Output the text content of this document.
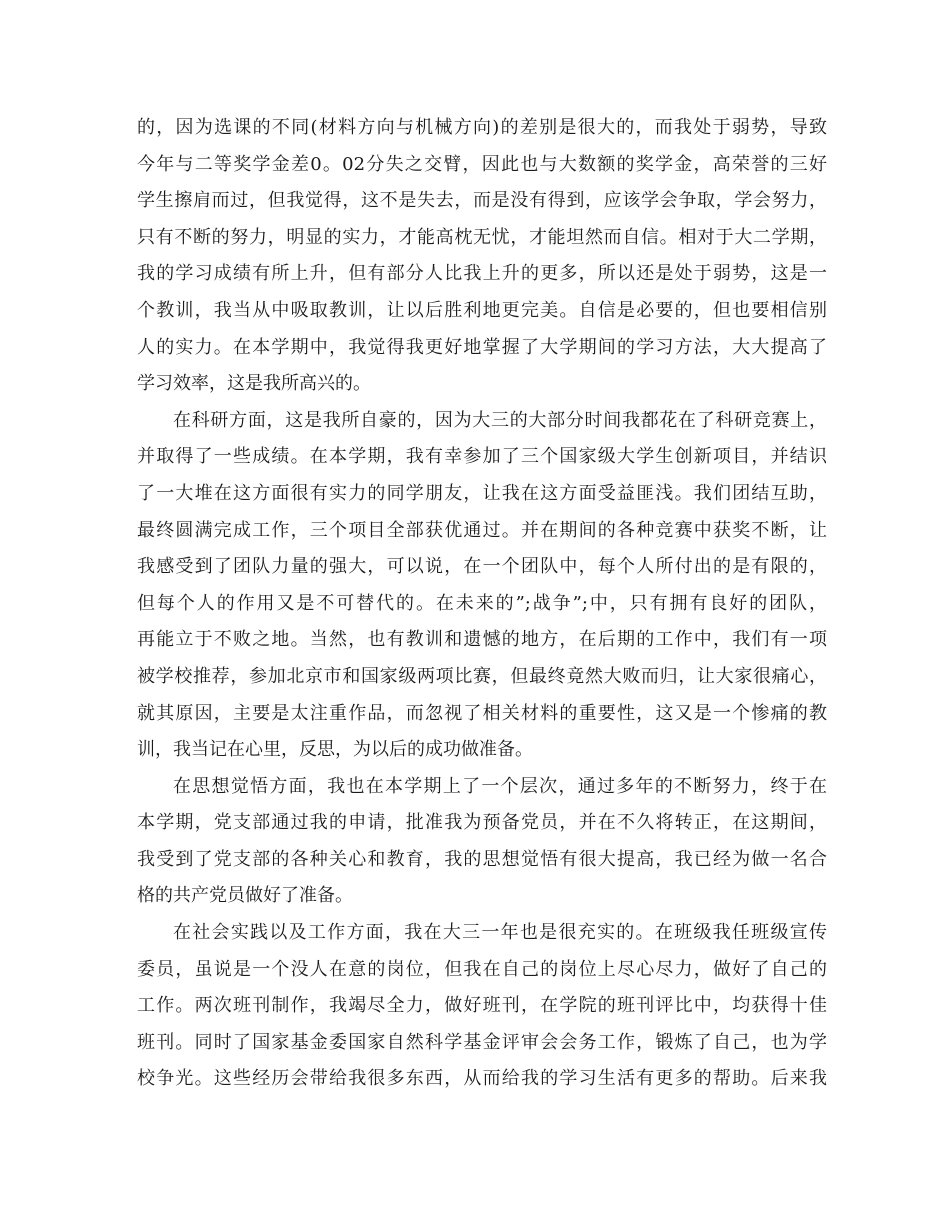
的，因为选课的不同(材料方向与机械方向)的差别是很大的，而我处于弱势，导致
今年与二等奖学金差0。02分失之交臂，因此也与大数额的奖学金，高荣誉的三好
学生擦肩而过，但我觉得，这不是失去，而是没有得到，应该学会争取，学会努力，
只有不断的努力，明显的实力，才能高枕无忧，才能坦然而自信。相对于大二学期，
我的学习成绩有所上升，但有部分人比我上升的更多，所以还是处于弱势，这是一
个教训，我当从中吸取教训，让以后胜利地更完美。自信是必要的，但也要相信别
人的实力。在本学期中，我觉得我更好地掌握了大学期间的学习方法，大大提高了
学习效率，这是我所高兴的。
在科研方面，这是我所自豪的，因为大三的大部分时间我都花在了科研竞赛上，
并取得了一些成绩。在本学期，我有幸参加了三个国家级大学生创新项目，并结识
了一大堆在这方面很有实力的同学朋友，让我在这方面受益匪浅。我们团结互助，
最终圆满完成工作，三个项目全部获优通过。并在期间的各种竞赛中获奖不断，让
我感受到了团队力量的强大，可以说，在一个团队中，每个人所付出的是有限的，
但每个人的作用又是不可替代的。在未来的”;战争”;中，只有拥有良好的团队，
再能立于不败之地。当然，也有教训和遗憾的地方，在后期的工作中，我们有一项
被学校推荐，参加北京市和国家级两项比赛，但最终竟然大败而归，让大家很痛心，
就其原因，主要是太注重作品，而忽视了相关材料的重要性，这又是一个惨痛的教
训，我当记在心里，反思，为以后的成功做准备。
在思想觉悟方面，我也在本学期上了一个层次，通过多年的不断努力，终于在
本学期，党支部通过我的申请，批准我为预备党员，并在不久将转正，在这期间，
我受到了党支部的各种关心和教育，我的思想觉悟有很大提高，我已经为做一名合
格的共产党员做好了准备。
在社会实践以及工作方面，我在大三一年也是很充实的。在班级我任班级宣传
委员，虽说是一个没人在意的岗位，但我在自己的岗位上尽心尽力，做好了自己的
工作。两次班刊制作，我竭尽全力，做好班刊，在学院的班刊评比中，均获得十佳
班刊。同时了国家基金委国家自然科学基金评审会会务工作，锻炼了自己，也为学
校争光。这些经历会带给我很多东西，从而给我的学习生活有更多的帮助。后来我
